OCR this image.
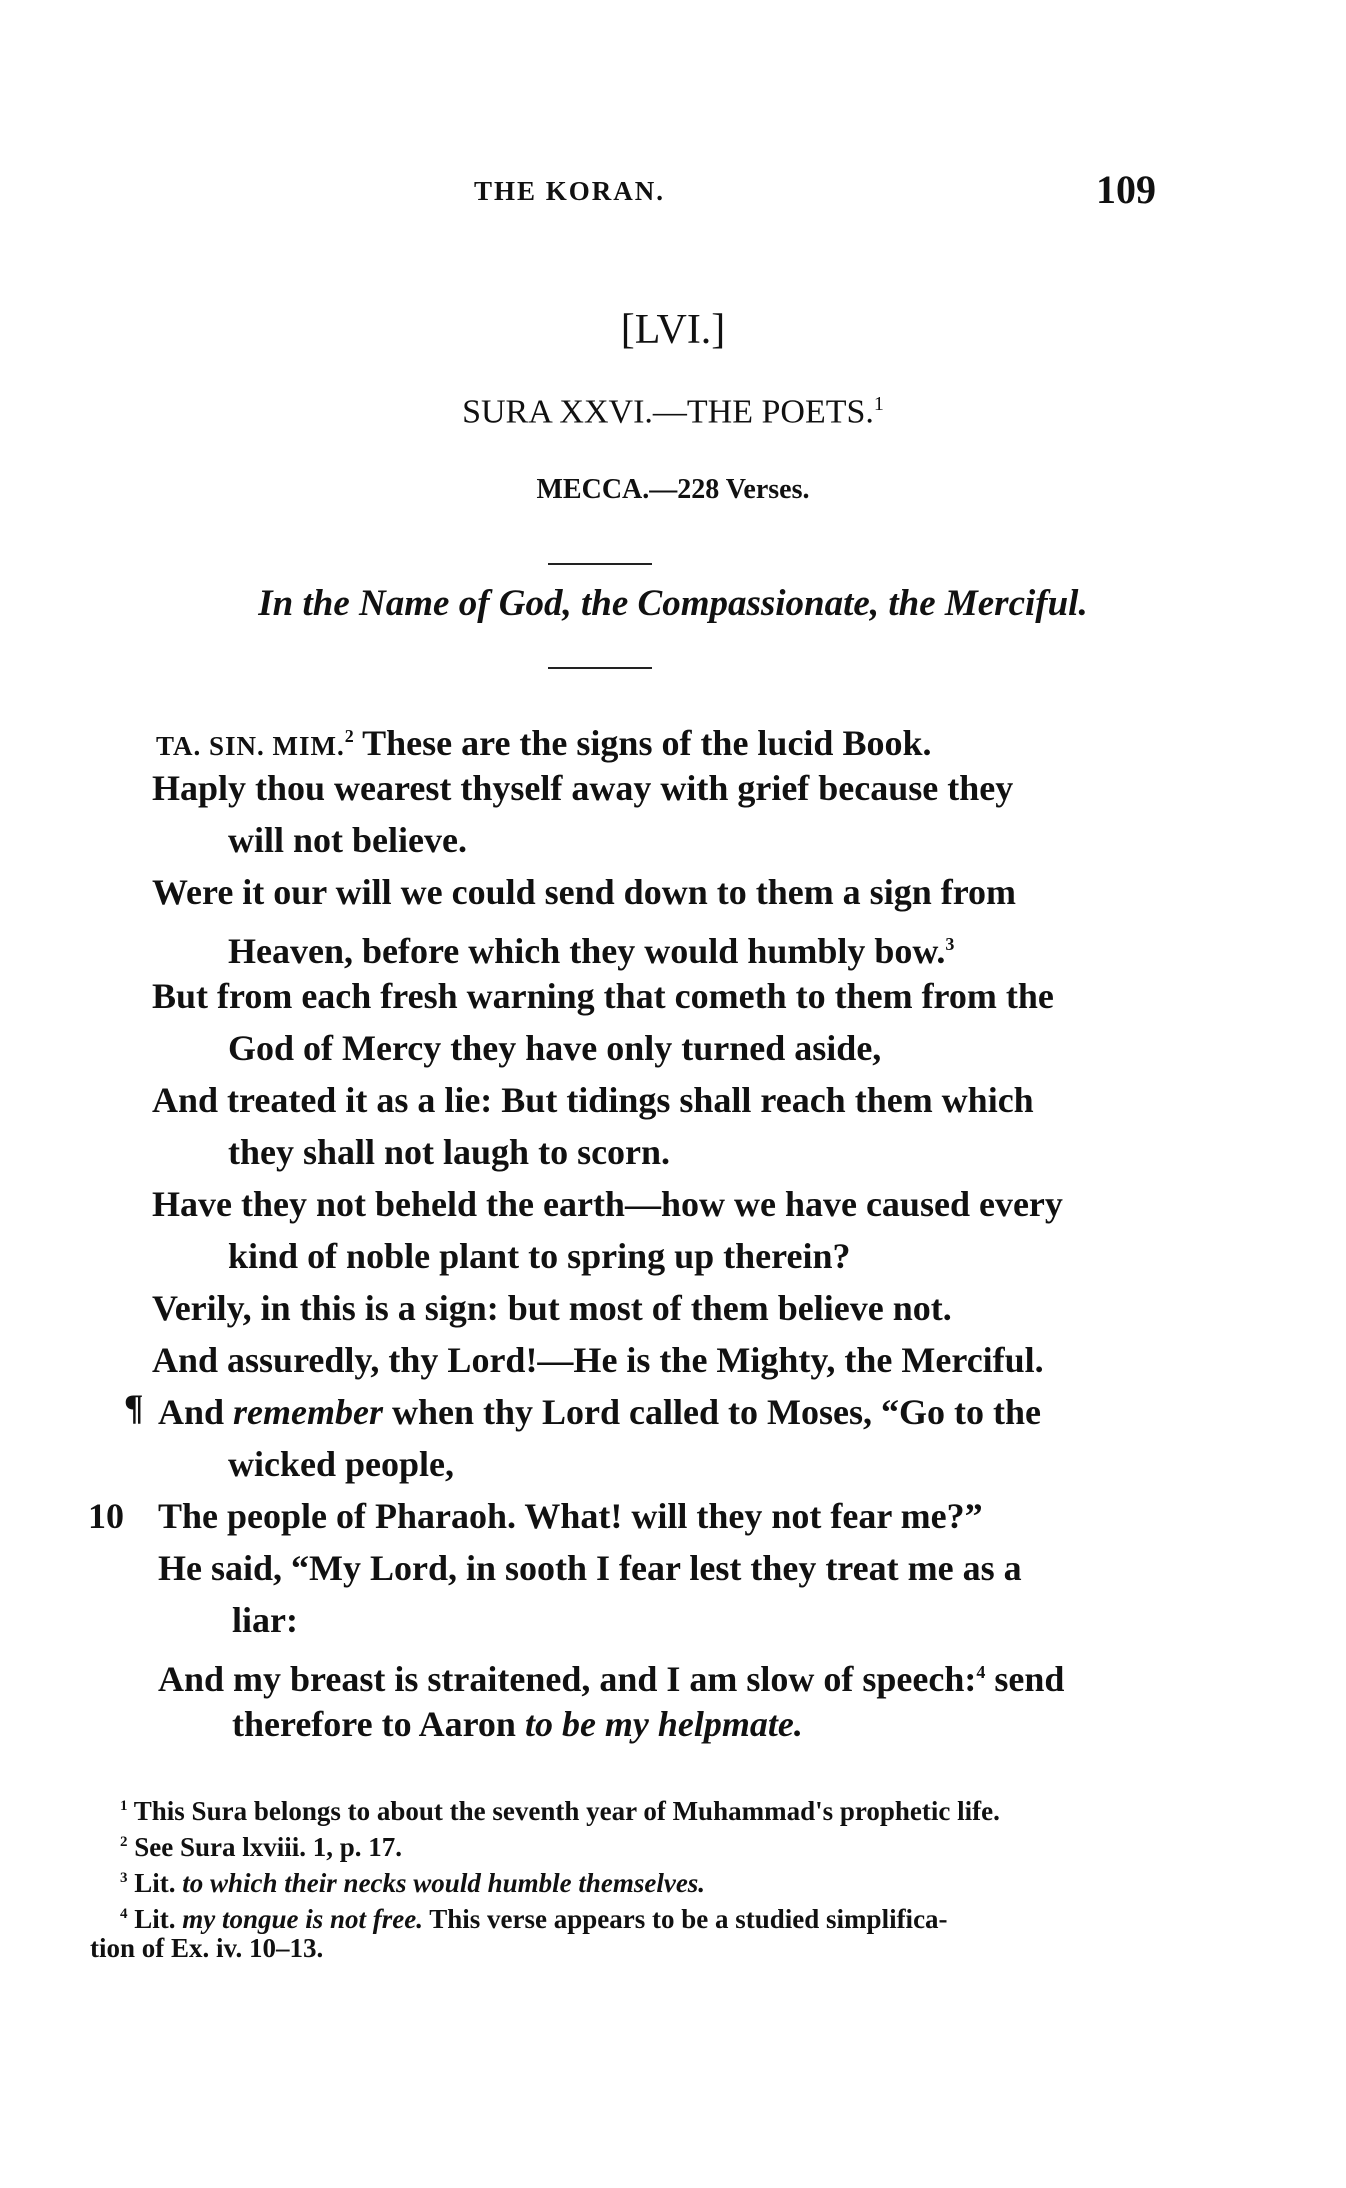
THE KORAN.	109
[LVI.]
SURA XXVI.—THE POETS.$^1$
MECCA.—228 Verses.
In the Name of God, the Compassionate, the Merciful.
TA. SIN. MIM.$^2$ These are the signs of the lucid Book.
Haply thou wearest thyself away with grief because they
will not believe.
Were it our will we could send down to them a sign from
Heaven, before which they would humbly bow.$^3$
But from each fresh warning that cometh to them from the
God of Mercy they have only turned aside,
And treated it as a lie: But tidings shall reach them which
they shall not laugh to scorn.
Have they not beheld the earth—how we have caused every
kind of noble plant to spring up therein?
Verily, in this is a sign: but most of them believe not.
And assuredly, thy Lord!—He is the Mighty, the Merciful.
¶ And remember when thy Lord called to Moses, “Go to the
wicked people,
10 The people of Pharaoh. What! will they not fear me?”
He said, “My Lord, in sooth I fear lest they treat me as a
liar:
And my breast is straitened, and I am slow of speech:$^4$ send
therefore to Aaron to be my helpmate.
$^1$ This Sura belongs to about the seventh year of Muhammad's prophetic life.
$^2$ See Sura lxviii. 1, p. 17.
$^3$ Lit. to which their necks would humble themselves.
$^4$ Lit. my tongue is not free. This verse appears to be a studied simplifica-
tion of Ex. iv. 10–13.
